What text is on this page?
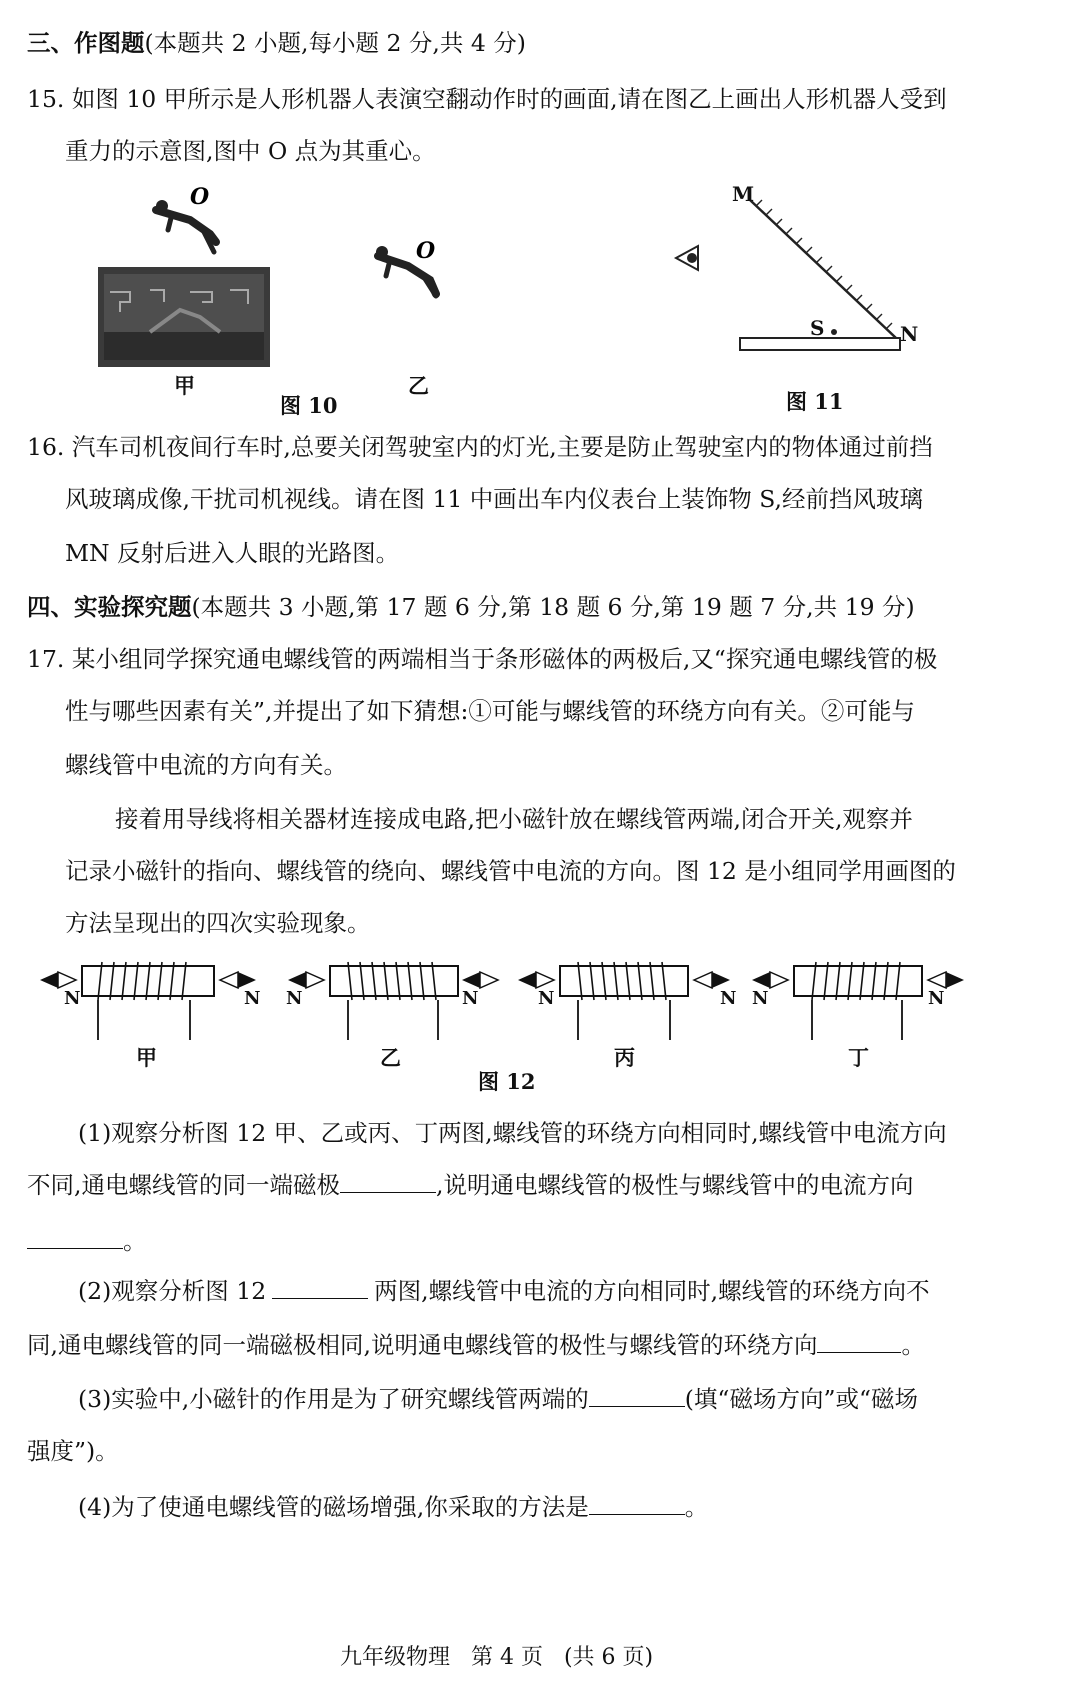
三、作图题(本题共 2 小题,每小题 2 分,共 4 分)
15. 如图 10 甲所示是人形机器人表演空翻动作时的画面,请在图乙上画出人形机器人受到
重力的示意图,图中 O 点为其重心。
O
O
甲	乙
图 10
M
N
S
图 11
16. 汽车司机夜间行车时,总要关闭驾驶室内的灯光,主要是防止驾驶室内的物体通过前挡
风玻璃成像,干扰司机视线。请在图 11 中画出车内仪表台上装饰物 S,经前挡风玻璃
MN 反射后进入人眼的光路图。
四、实验探究题(本题共 3 小题,第 17 题 6 分,第 18 题 6 分,第 19 题 7 分,共 19 分)
17. 某小组同学探究通电螺线管的两端相当于条形磁体的两极后,又“探究通电螺线管的极
性与哪些因素有关”,并提出了如下猜想:①可能与螺线管的环绕方向有关。②可能与
螺线管中电流的方向有关。
接着用导线将相关器材连接成电路,把小磁针放在螺线管两端,闭合开关,观察并
记录小磁针的指向、螺线管的绕向、螺线管中电流的方向。图 12 是小组同学用画图的
方法呈现出的四次实验现象。
N	N N	N	N	N N	N
甲	乙	丙	丁
图 12
(1)观察分析图 12 甲、乙或丙、丁两图,螺线管的环绕方向相同时,螺线管中电流方向
不同,通电螺线管的同一端磁极	,说明通电螺线管的极性与螺线管中的电流方向
。
(2)观察分析图 12	两图,螺线管中电流的方向相同时,螺线管的环绕方向不
同,通电螺线管的同一端磁极相同,说明通电螺线管的极性与螺线管的环绕方向	。
(3)实验中,小磁针的作用是为了研究螺线管两端的	(填“磁场方向”或“磁场
强度”)。
(4)为了使通电螺线管的磁场增强,你采取的方法是	。
九年级物理   第 4 页   (共 6 页)
